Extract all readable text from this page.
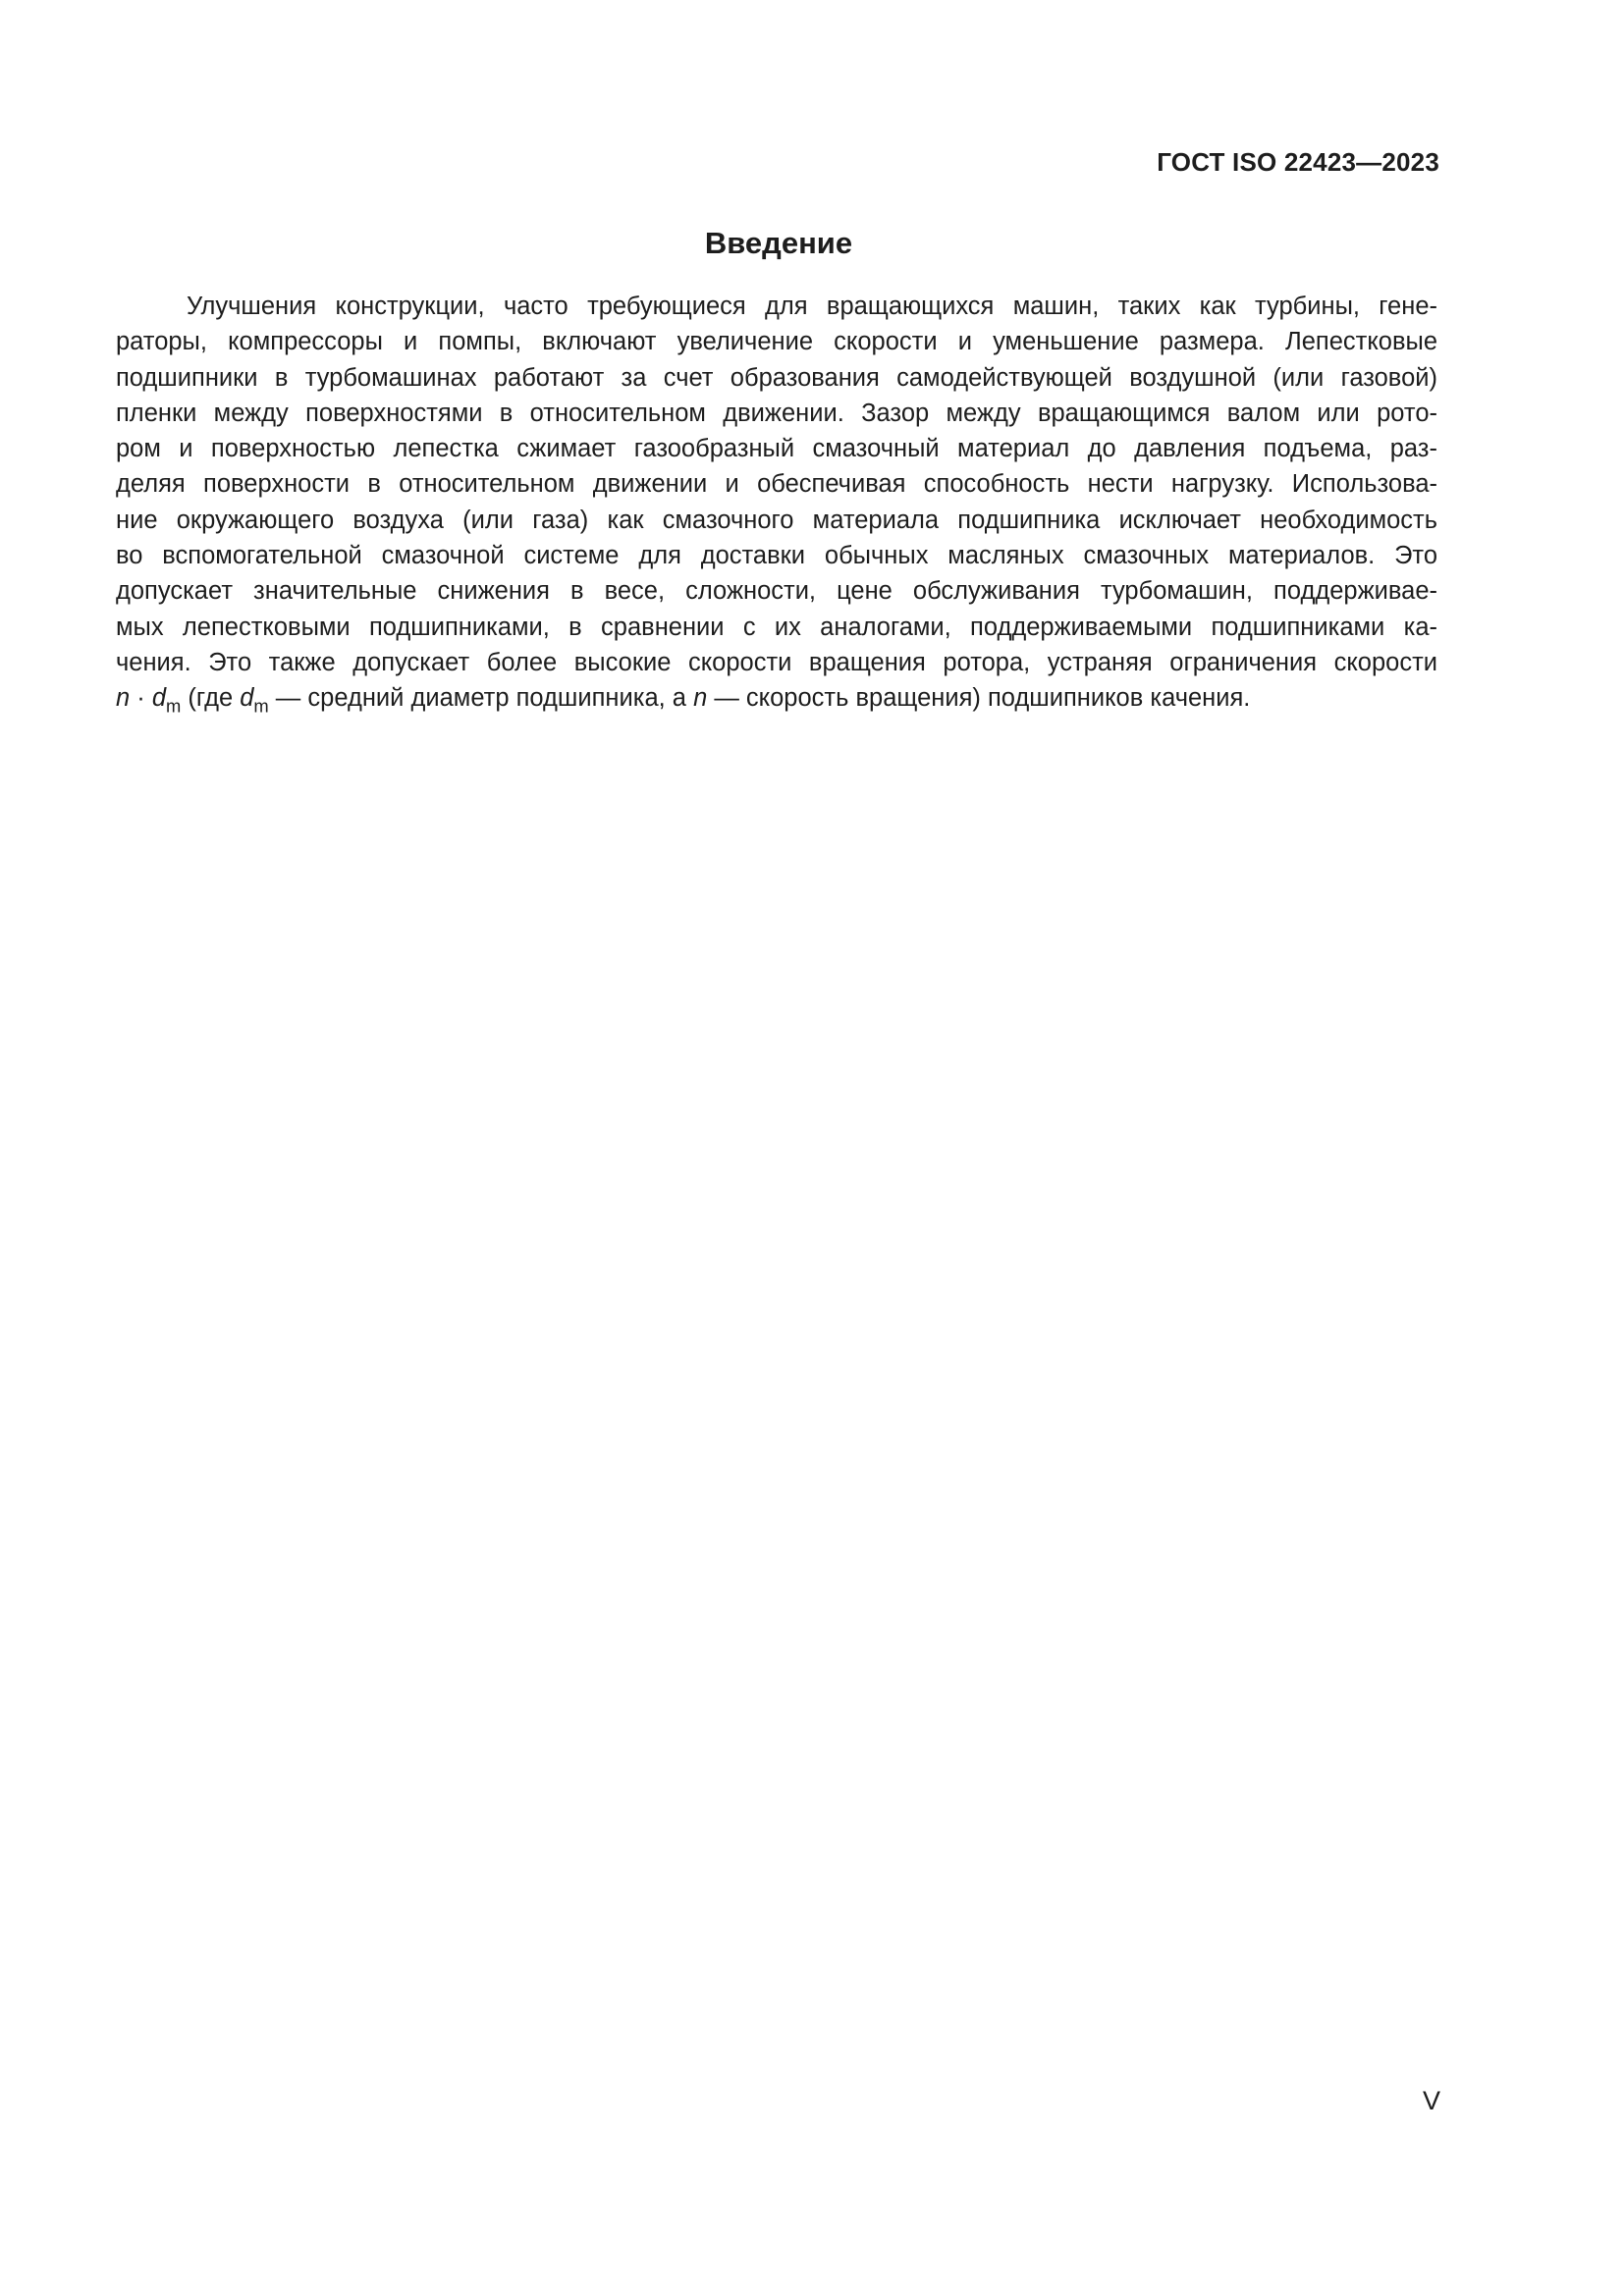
ГОСТ ISO 22423—2023
Введение
Улучшения конструкции, часто требующиеся для вращающихся машин, таких как турбины, гене-
раторы, компрессоры и помпы, включают увеличение скорости и уменьшение размера. Лепестковые
подшипники в турбомашинах работают за счет образования самодействующей воздушной (или газовой)
пленки между поверхностями в относительном движении. Зазор между вращающимся валом или рото-
ром и поверхностью лепестка сжимает газообразный смазочный материал до давления подъема, раз-
деляя поверхности в относительном движении и обеспечивая способность нести нагрузку. Использова-
ние окружающего воздуха (или газа) как смазочного материала подшипника исключает необходимость
во вспомогательной смазочной системе для доставки обычных масляных смазочных материалов. Это
допускает значительные снижения в весе, сложности, цене обслуживания турбомашин, поддерживае-
мых лепестковыми подшипниками, в сравнении с их аналогами, поддерживаемыми подшипниками ка-
чения. Это также допускает более высокие скорости вращения ротора, устраняя ограничения скорости
$n \cdot d_m$ (где $d_m$ — средний диаметр подшипника, а n — скорость вращения) подшипников качения.
V
